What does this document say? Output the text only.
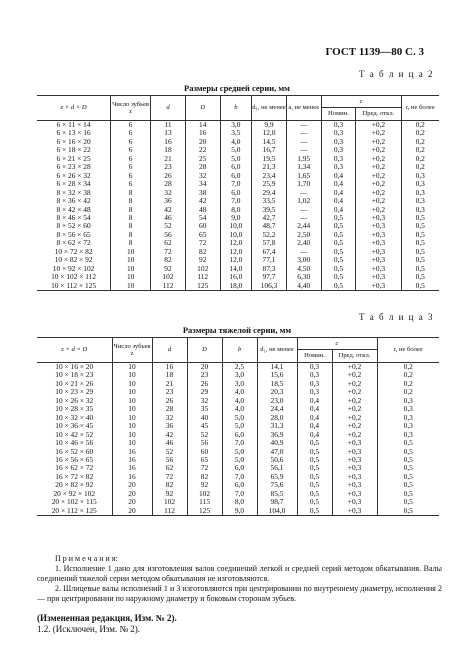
ГОСТ 1139—80 С. 3
Т а б л и ц а 2
Размеры средней серии, мм
z × d × D	Число зубьев z	d	D	b	d₁, не менее	a, не менее	c		r, не более
							Номин.	Пред. откл.	
6 × 11 × 14	6	11	14	3,0	9,9	—	0,3	+0,2	0,2
6 × 13 × 16	6	13	16	3,5	12,0	—	0,3	+0,2	0,2
6 × 16 × 20	6	16	20	4,0	14,5	—	0,3	+0,2	0,2
6 × 18 × 22	6	18	22	5,0	16,7	—	0,3	+0,2	0,2
6 × 21 × 25	6	21	25	5,0	19,5	1,95	0,3	+0,2	0,2
6 × 23 × 28	6	23	28	6,0	21,3	1,34	0,3	+0,2	0,2
6 × 26 × 32	6	26	32	6,0	23,4	1,65	0,4	+0,2	0,3
6 × 28 × 34	6	28	34	7,0	25,9	1,70	0,4	+0,2	0,3
8 × 32 × 38	8	32	38	6,0	29,4	—	0,4	+0,2	0,3
8 × 36 × 42	8	36	42	7,0	33,5	1,02	0,4	+0,2	0,3
8 × 42 × 48	8	42	48	8,0	39,5	—	0,4	+0,2	0,3
8 × 46 × 54	8	46	54	9,0	42,7	—	0,5	+0,3	0,5
8 × 52 × 60	8	52	60	10,0	48,7	2,44	0,5	+0,3	0,5
8 × 56 × 65	8	56	65	10,0	52,2	2,50	0,5	+0,3	0,5
8 × 62 × 72	8	62	72	12,0	57,8	2,40	0,5	+0,3	0,5
10 × 72 × 82	10	72	82	12,0	67,4	—	0,5	+0,3	0,5
10 × 82 × 92	10	82	92	12,0	77,1	3,00	0,5	+0,3	0,5
10 × 92 × 102	10	92	102	14,0	87,3	4,50	0,5	+0,3	0,5
10 × 102 × 112	10	102	112	16,0	97,7	6,30	0,5	+0,3	0,5
10 × 112 × 125	10	112	125	18,0	106,3	4,40	0,5	+0,3	0,5
Т а б л и ц а 3
Размеры тяжелой серии, мм
z × d × D	Число зубьев z	d	D	b	d₁, не менее	c		r, не более
						Номин.	Пред. откл.	
10 × 16 × 20	10	16	20	2,5	14,1	0,3	+0,2	0,2
10 × 18 × 23	10	18	23	3,0	15,6	0,3	+0,2	0,2
10 × 21 × 26	10	21	26	3,0	18,5	0,3	+0,2	0,2
10 × 23 × 29	10	23	29	4,0	20,3	0,3	+0,2	0,2
10 × 26 × 32	10	26	32	4,0	23,0	0,4	+0,2	0,3
10 × 28 × 35	10	28	35	4,0	24,4	0,4	+0,2	0,3
10 × 32 × 40	10	32	40	5,0	28,0	0,4	+0,2	0,3
10 × 36 × 45	10	36	45	5,0	31,3	0,4	+0,2	0,3
10 × 42 × 52	10	42	52	6,0	36,9	0,4	+0,2	0,3
10 × 46 × 56	10	46	56	7,0	40,9	0,5	+0,3	0,5
16 × 52 × 60	16	52	60	5,0	47,0	0,5	+0,3	0,5
16 × 56 × 65	16	56	65	5,0	50,6	0,5	+0,3	0,5
16 × 62 × 72	16	62	72	6,0	56,1	0,5	+0,3	0,5
16 × 72 × 82	16	72	82	7,0	65,9	0,5	+0,3	0,5
20 × 82 × 92	20	82	92	6,0	75,6	0,5	+0,3	0,5
20 × 92 × 102	20	92	102	7,0	85,5	0,5	+0,3	0,5
20 × 102 × 115	20	102	115	8,0	98,7	0,5	+0,3	0,5
20 × 112 × 125	20	112	125	9,0	104,0	0,5	+0,3	0,5

П р и м е ч а н и я:

1. Исполнение 1 дано для изготовления валов соединений легкой и средней серий методом обкатывания. Валы соединений тяжелой серии методом обкатывания не изготовляются.

2. Шлицевые валы исполнений 1 и 3 изготовляются при центрировании по внутреннему диаметру, исполнения 2 — при центрировании по наружному диаметру и боковым сторонам зубьев.

(Измененная редакция, Изм. № 2).

1.2. (Исключен, Изм. № 2).
